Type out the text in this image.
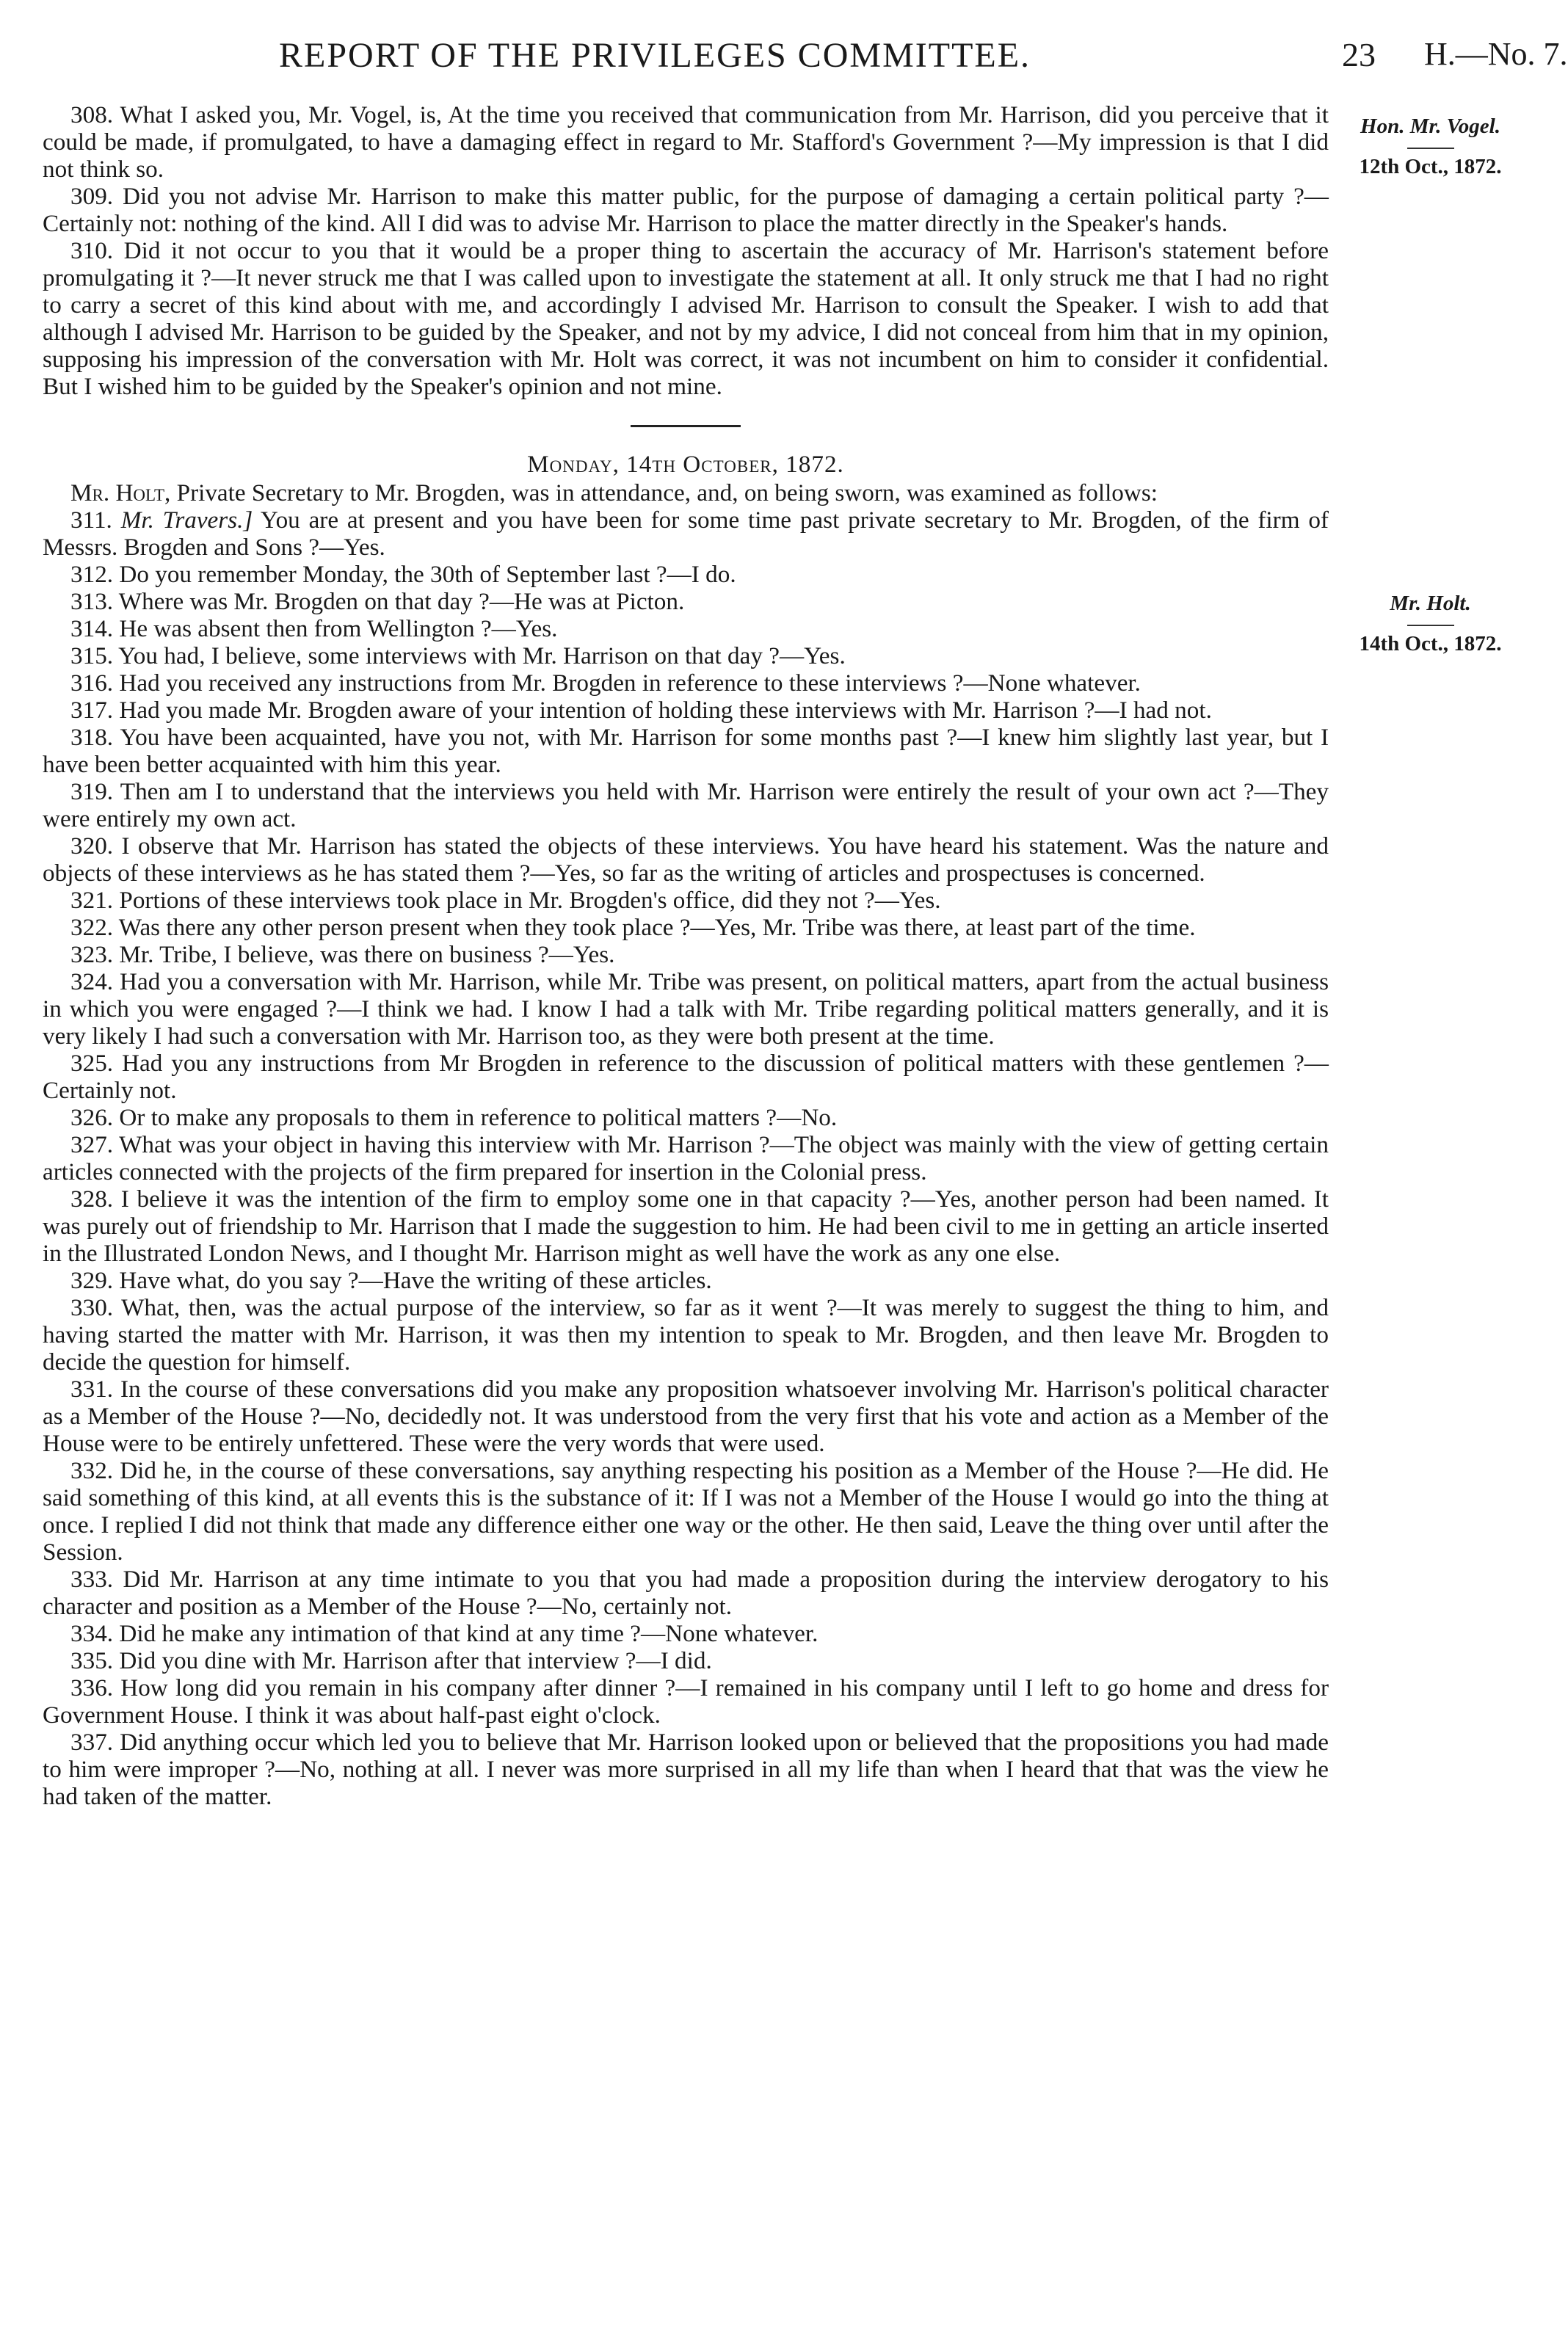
REPORT OF THE PRIVILEGES COMMITTEE.	23 H.—No. 7.
Hon. Mr. Vogel.
12th Oct., 1872.
Mr. Holt.
14th Oct., 1872.

308. What I asked you, Mr. Vogel, is, At the time you received that communication from Mr. Harrison, did you perceive that it could be made, if promulgated, to have a damaging effect in regard to Mr. Stafford's Government ?—My impression is that I did not think so.

309. Did you not advise Mr. Harrison to make this matter public, for the purpose of damaging a certain political party ?—Certainly not: nothing of the kind. All I did was to advise Mr. Harrison to place the matter directly in the Speaker's hands.

310. Did it not occur to you that it would be a proper thing to ascertain the accuracy of Mr. Harrison's statement before promulgating it ?—It never struck me that I was called upon to investigate the statement at all. It only struck me that I had no right to carry a secret of this kind about with me, and accordingly I advised Mr. Harrison to consult the Speaker. I wish to add that although I advised Mr. Harrison to be guided by the Speaker, and not by my advice, I did not conceal from him that in my opinion, supposing his impression of the conversation with Mr. Holt was correct, it was not incumbent on him to consider it confidential. But I wished him to be guided by the Speaker's opinion and not mine.

Monday, 14th October, 1872.

Mr. Holt, Private Secretary to Mr. Brogden, was in attendance, and, on being sworn, was examined as follows:

311. Mr. Travers.] You are at present and you have been for some time past private secretary to Mr. Brogden, of the firm of Messrs. Brogden and Sons ?—Yes.

312. Do you remember Monday, the 30th of September last ?—I do.

313. Where was Mr. Brogden on that day ?—He was at Picton.

314. He was absent then from Wellington ?—Yes.

315. You had, I believe, some interviews with Mr. Harrison on that day ?—Yes.

316. Had you received any instructions from Mr. Brogden in reference to these interviews ?—None whatever.

317. Had you made Mr. Brogden aware of your intention of holding these interviews with Mr. Harrison ?—I had not.

318. You have been acquainted, have you not, with Mr. Harrison for some months past ?—I knew him slightly last year, but I have been better acquainted with him this year.

319. Then am I to understand that the interviews you held with Mr. Harrison were entirely the result of your own act ?—They were entirely my own act.

320. I observe that Mr. Harrison has stated the objects of these interviews. You have heard his statement. Was the nature and objects of these interviews as he has stated them ?—Yes, so far as the writing of articles and prospectuses is concerned.

321. Portions of these interviews took place in Mr. Brogden's office, did they not ?—Yes.

322. Was there any other person present when they took place ?—Yes, Mr. Tribe was there, at least part of the time.

323. Mr. Tribe, I believe, was there on business ?—Yes.

324. Had you a conversation with Mr. Harrison, while Mr. Tribe was present, on political matters, apart from the actual business in which you were engaged ?—I think we had. I know I had a talk with Mr. Tribe regarding political matters generally, and it is very likely I had such a conversation with Mr. Harrison too, as they were both present at the time.

325. Had you any instructions from Mr Brogden in reference to the discussion of political matters with these gentlemen ?—Certainly not.

326. Or to make any proposals to them in reference to political matters ?—No.

327. What was your object in having this interview with Mr. Harrison ?—The object was mainly with the view of getting certain articles connected with the projects of the firm prepared for insertion in the Colonial press.

328. I believe it was the intention of the firm to employ some one in that capacity ?—Yes, another person had been named. It was purely out of friendship to Mr. Harrison that I made the suggestion to him. He had been civil to me in getting an article inserted in the Illustrated London News, and I thought Mr. Harrison might as well have the work as any one else.

329. Have what, do you say ?—Have the writing of these articles.

330. What, then, was the actual purpose of the interview, so far as it went ?—It was merely to suggest the thing to him, and having started the matter with Mr. Harrison, it was then my intention to speak to Mr. Brogden, and then leave Mr. Brogden to decide the question for himself.

331. In the course of these conversations did you make any proposition whatsoever involving Mr. Harrison's political character as a Member of the House ?—No, decidedly not. It was understood from the very first that his vote and action as a Member of the House were to be entirely unfettered. These were the very words that were used.

332. Did he, in the course of these conversations, say anything respecting his position as a Member of the House ?—He did. He said something of this kind, at all events this is the substance of it: If I was not a Member of the House I would go into the thing at once. I replied I did not think that made any difference either one way or the other. He then said, Leave the thing over until after the Session.

333. Did Mr. Harrison at any time intimate to you that you had made a proposition during the interview derogatory to his character and position as a Member of the House ?—No, certainly not.

334. Did he make any intimation of that kind at any time ?—None whatever.

335. Did you dine with Mr. Harrison after that interview ?—I did.

336. How long did you remain in his company after dinner ?—I remained in his company until I left to go home and dress for Government House. I think it was about half-past eight o'clock.

337. Did anything occur which led you to believe that Mr. Harrison looked upon or believed that the propositions you had made to him were improper ?—No, nothing at all. I never was more surprised in all my life than when I heard that that was the view he had taken of the matter.
